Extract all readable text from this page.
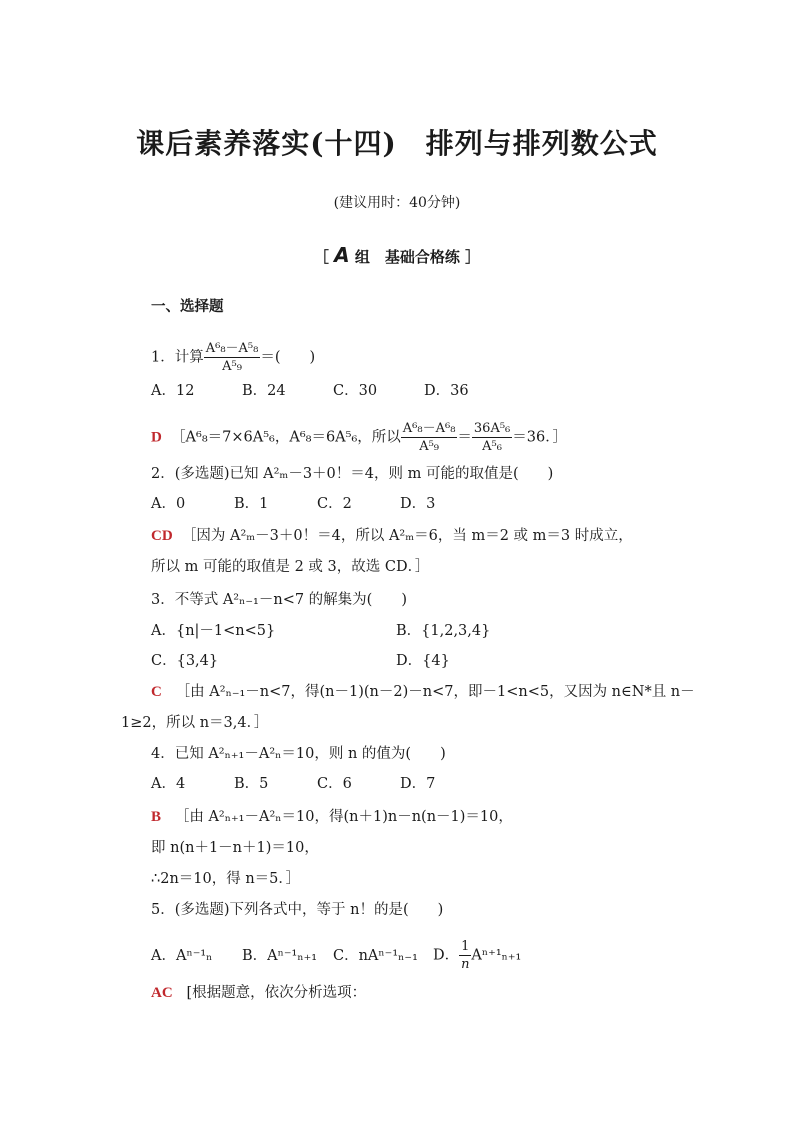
课后素养落实(十四)　排列与排列数公式
(建议用时：40分钟)
［ A 组　基础合格练 ］
一、选择题
1．计算 $\frac{\text{A⁶₈－A⁵₈}}{\text{A⁵₉}}$ ＝(　　)
A．12	B．24	C．30	D．36
D ［A⁶₈＝7×6A⁵₆，A⁶₈＝6A⁵₆，所以 $\frac{\text{A⁶₈－A⁶₈}}{\text{A⁵₉}} = \frac{\text{36A⁵₆}}{\text{A⁵₆}} =36$．］
2．(多选题)已知 A²ₘ－3＋0！＝4，则 m 可能的取值是(　　)
A．0	B．1	C．2	D．3
CD ［因为 A²ₘ－3＋0！＝4，所以 A²ₘ＝6，当 m＝2 或 m＝3 时成立，
所以 m 可能的取值是 2 或 3，故选 CD．］
3．不等式 A²ₙ₋₁－n<7 的解集为(　　)
A．{n|－1<n<5}	B．{1,2,3,4}
C．{3,4}	D．{4}
C ［由 A²ₙ₋₁－n<7，得(n－1)(n－2)－n<7，即－1<n<5，又因为 n∈N*且 n－
1≥2，所以 n＝3,4．］
4．已知 A²ₙ₊₁－A²ₙ＝10，则 n 的值为(　　)
A．4	B．5	C．6	D．7
B ［由 A²ₙ₊₁－A²ₙ＝10，得(n＋1)n－n(n－1)＝10，
即 n(n＋1－n＋1)＝10，
∴2n＝10，得 n＝5．］
5．(多选题)下列各式中，等于 n！的是(　　)
A．Aⁿ⁻¹ₙ B．Aⁿ⁻¹ₙ₊₁ C．nAⁿ⁻¹ₙ₋₁ D． $\frac{1}{n} A^{n+1}_{n+1}$
AC [根据题意，依次分析选项：
